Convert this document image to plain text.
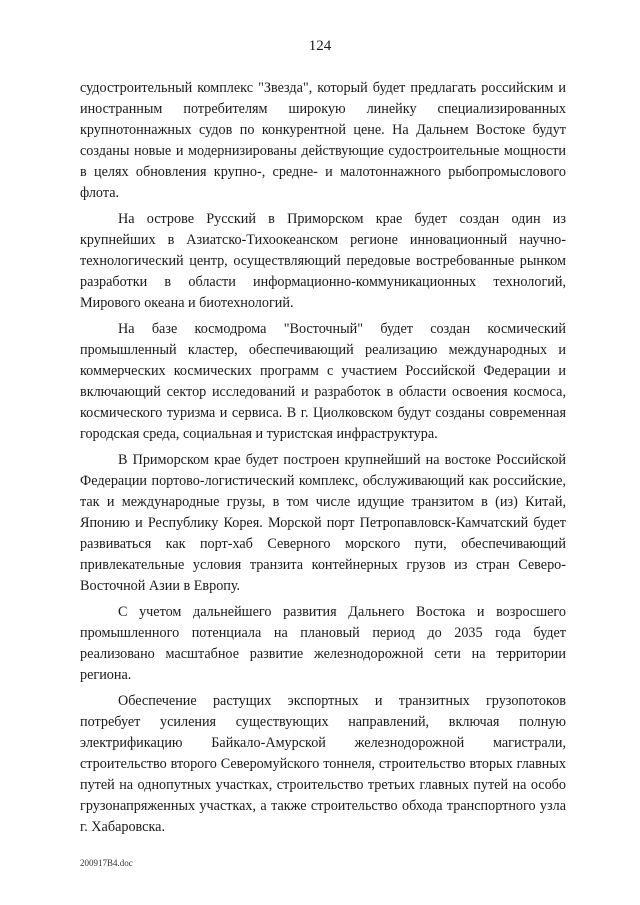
124

судостроительный комплекс "Звезда", который будет предлагать российским и иностранным потребителям широкую линейку специализированных крупнотоннажных судов по конкурентной цене. На Дальнем Востоке будут созданы новые и модернизированы действующие судостроительные мощности в целях обновления крупно-, средне- и малотоннажного рыбопромыслового флота.

На острове Русский в Приморском крае будет создан один из крупнейших в Азиатско-Тихоокеанском регионе инновационный научно-технологический центр, осуществляющий передовые востребованные рынком разработки в области информационно-коммуникационных технологий, Мирового океана и биотехнологий.

На базе космодрома "Восточный" будет создан космический промышленный кластер, обеспечивающий реализацию международных и коммерческих космических программ с участием Российской Федерации и включающий сектор исследований и разработок в области освоения космоса, космического туризма и сервиса. В г. Циолковском будут созданы современная городская среда, социальная и туристская инфраструктура.

В Приморском крае будет построен крупнейший на востоке Российской Федерации портово-логистический комплекс, обслуживающий как российские, так и международные грузы, в том числе идущие транзитом в (из) Китай, Японию и Республику Корея. Морской порт Петропавловск-Камчатский будет развиваться как порт-хаб Северного морского пути, обеспечивающий привлекательные условия транзита контейнерных грузов из стран Северо-Восточной Азии в Европу.

С учетом дальнейшего развития Дальнего Востока и возросшего промышленного потенциала на плановый период до 2035 года будет реализовано масштабное развитие железнодорожной сети на территории региона.

Обеспечение растущих экспортных и транзитных грузопотоков потребует усиления существующих направлений, включая полную электрификацию Байкало-Амурской железнодорожной магистрали, строительство второго Северомуйского тоннеля, строительство вторых главных путей на однопутных участках, строительство третьих главных путей на особо грузонапряженных участках, а также строительство обхода транспортного узла г. Хабаровска.

200917B4.doc
